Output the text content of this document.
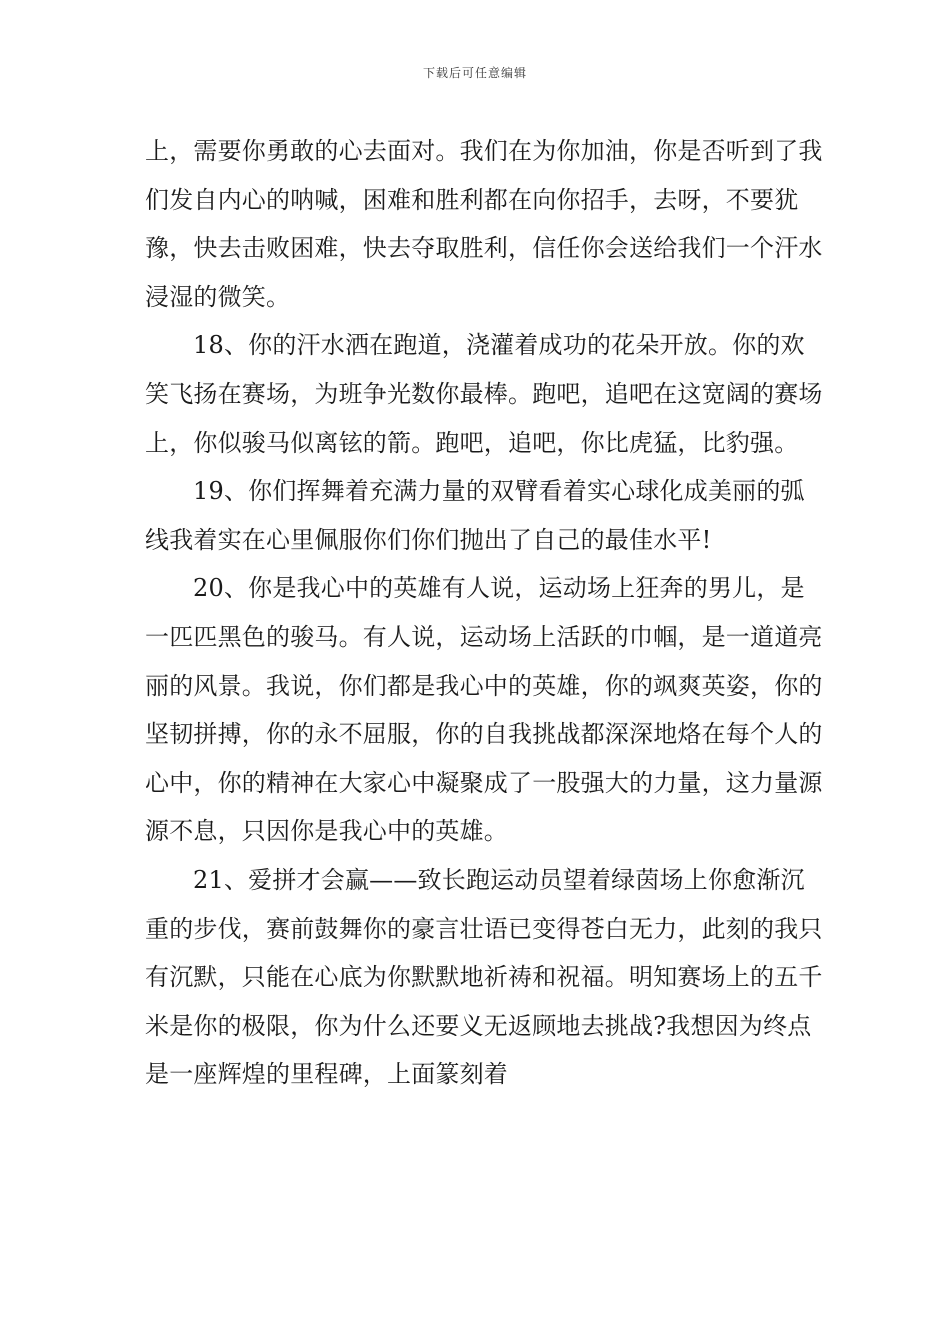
下载后可任意编辑

上，需要你勇敢的心去面对。我们在为你加油，你是否听到了我们发自内心的呐喊，困难和胜利都在向你招手，去呀，不要犹豫，快去击败困难，快去夺取胜利，信任你会送给我们一个汗水浸湿的微笑。

18、你的汗水洒在跑道，浇灌着成功的花朵开放。你的欢笑飞扬在赛场，为班争光数你最棒。跑吧，追吧在这宽阔的赛场上，你似骏马似离铉的箭。跑吧，追吧，你比虎猛，比豹强。

19、你们挥舞着充满力量的双臂看着实心球化成美丽的弧线我着实在心里佩服你们你们抛出了自己的最佳水平!

20、你是我心中的英雄有人说，运动场上狂奔的男儿，是一匹匹黑色的骏马。有人说，运动场上活跃的巾帼，是一道道亮丽的风景。我说，你们都是我心中的英雄，你的飒爽英姿，你的坚韧拼搏，你的永不屈服，你的自我挑战都深深地烙在每个人的心中，你的精神在大家心中凝聚成了一股强大的力量，这力量源源不息，只因你是我心中的英雄。

21、爱拼才会赢——致长跑运动员望着绿茵场上你愈渐沉重的步伐，赛前鼓舞你的豪言壮语已变得苍白无力，此刻的我只有沉默，只能在心底为你默默地祈祷和祝福。明知赛场上的五千米是你的极限，你为什么还要义无返顾地去挑战?我想因为终点是一座辉煌的里程碑，上面篆刻着
